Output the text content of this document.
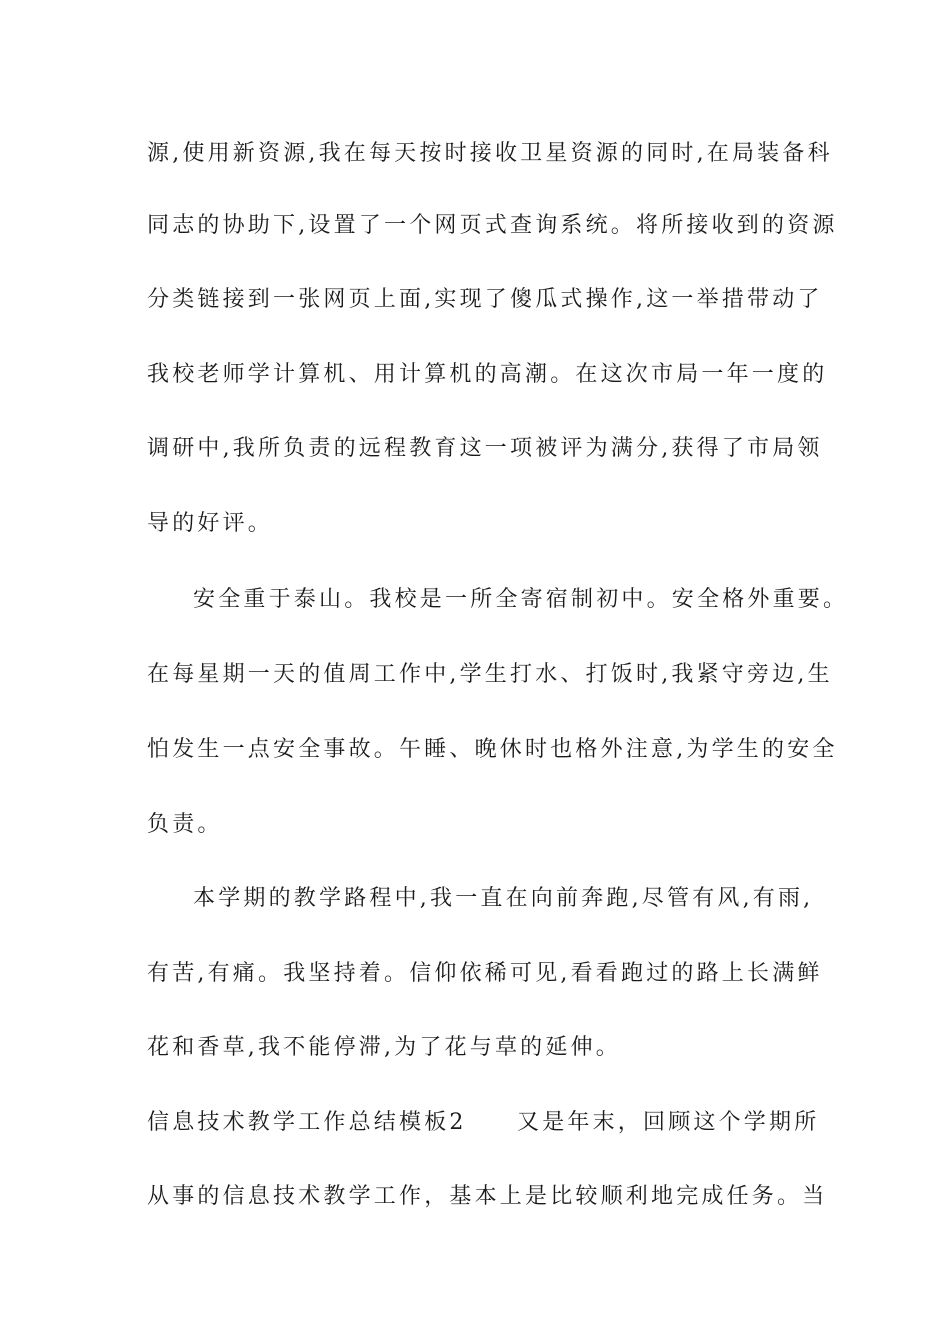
源,使用新资源,我在每天按时接收卫星资源的同时,在局装备科
同志的协助下,设置了一个网页式查询系统。将所接收到的资源
分类链接到一张网页上面,实现了傻瓜式操作,这一举措带动了
我校老师学计算机、用计算机的高潮。在这次市局一年一度的
调研中,我所负责的远程教育这一项被评为满分,获得了市局领
导的好评。
安全重于泰山。我校是一所全寄宿制初中。安全格外重要。
在每星期一天的值周工作中,学生打水、打饭时,我紧守旁边,生
怕发生一点安全事故。午睡、晚休时也格外注意,为学生的安全
负责。
本学期的教学路程中,我一直在向前奔跑,尽管有风,有雨,
有苦,有痛。我坚持着。信仰依稀可见,看看跑过的路上长满鲜
花和香草,我不能停滞,为了花与草的延伸。
信息技术教学工作总结模板2　　又是年末，回顾这个学期所
从事的信息技术教学工作，基本上是比较顺利地完成任务。当
